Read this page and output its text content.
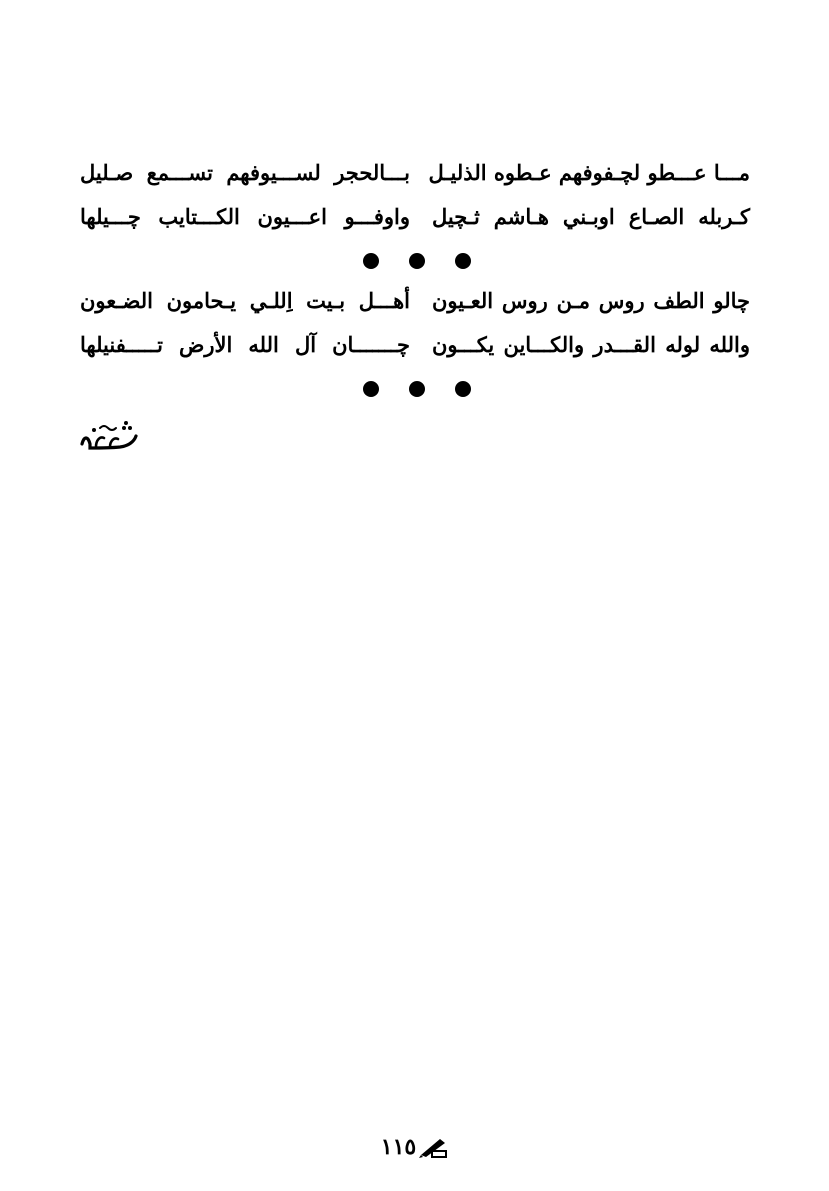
مـــا عـــطو لچـفوفهم عـطوه الذليـل
بـــالحجر لســـيوفهم تســـمع صـليل
كـربله الصـاع اوبـني هـاشم ثـچيل
واوفـــو اعـــيون الكـــتايب چـــيلها
چالو الطف روس مـن روس العـيون
أهـــل بـيت اِللـي يـحامون الضـعون
والله لوله القـــدر والكـــاين يكـــون
چـــــــان آل الله الأرض تـــــفنيلها
١١٥
